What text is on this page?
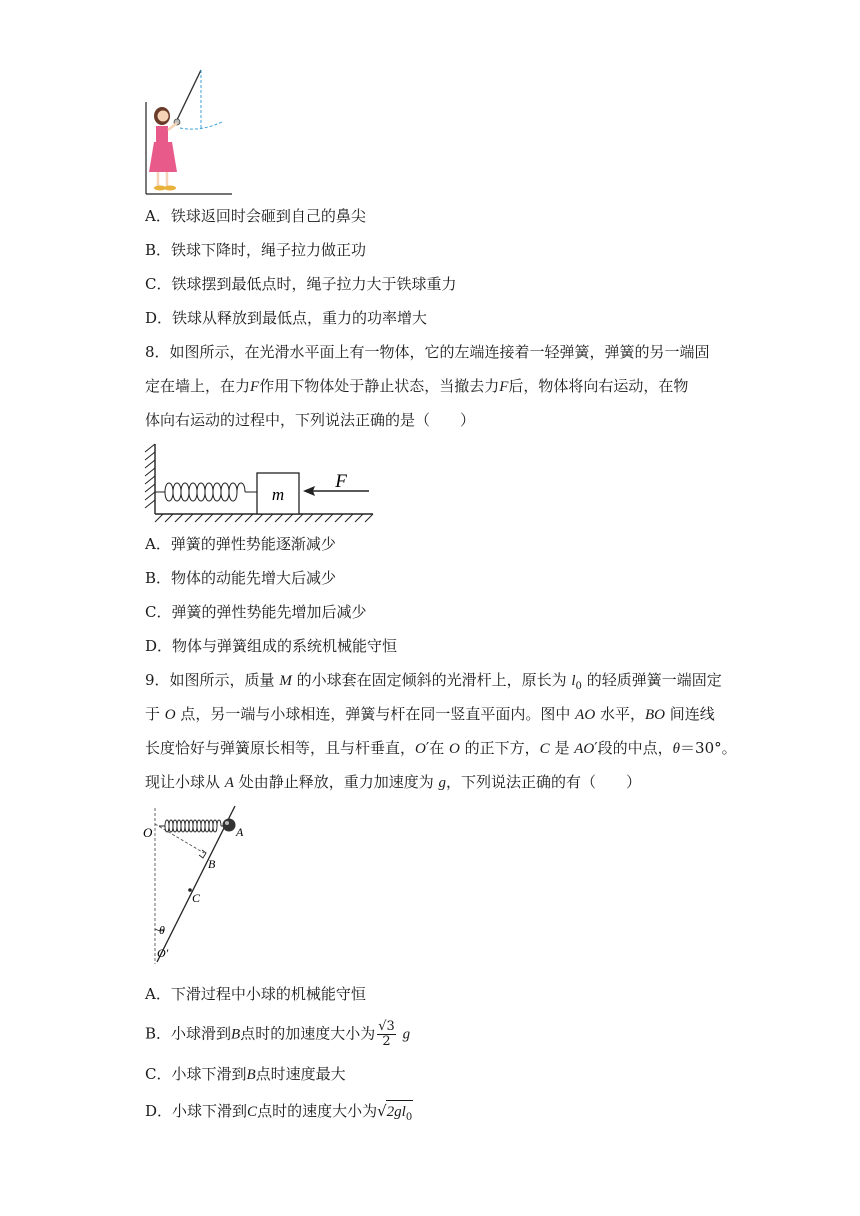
A．铁球返回时会砸到自己的鼻尖
B．铁球下降时，绳子拉力做正功
C．铁球摆到最低点时，绳子拉力大于铁球重力
D．铁球从释放到最低点，重力的功率增大
8．如图所示，在光滑水平面上有一物体，它的左端连接着一轻弹簧，弹簧的另一端固
定在墙上，在力F作用下物体处于静止状态，当撤去力F后，物体将向右运动，在物
体向右运动的过程中，下列说法正确的是（　　）
m
F
A．弹簧的弹性势能逐渐减少
B．物体的动能先增大后减少
C．弹簧的弹性势能先增加后减少
D．物体与弹簧组成的系统机械能守恒
9．如图所示，质量 M 的小球套在固定倾斜的光滑杆上，原长为 $l_0$ 的轻质弹簧一端固定
于 O 点，另一端与小球相连，弹簧与杆在同一竖直平面内。图中 AO 水平，BO 间连线
长度恰好与弹簧原长相等，且与杆垂直，O′在 O 的正下方，C 是 AO′段的中点，θ＝30°。
现让小球从 A 处由静止释放，重力加速度为 g，下列说法正确的有（　　）
O	A
B
C
θ
O′
A．下滑过程中小球的机械能守恒
B．小球滑到B点时的加速度大小为 $\frac{√3}{2}$ g
C．小球下滑到B点时速度最大
D．小球下滑到C点时的速度大小为$√2gl_0$
